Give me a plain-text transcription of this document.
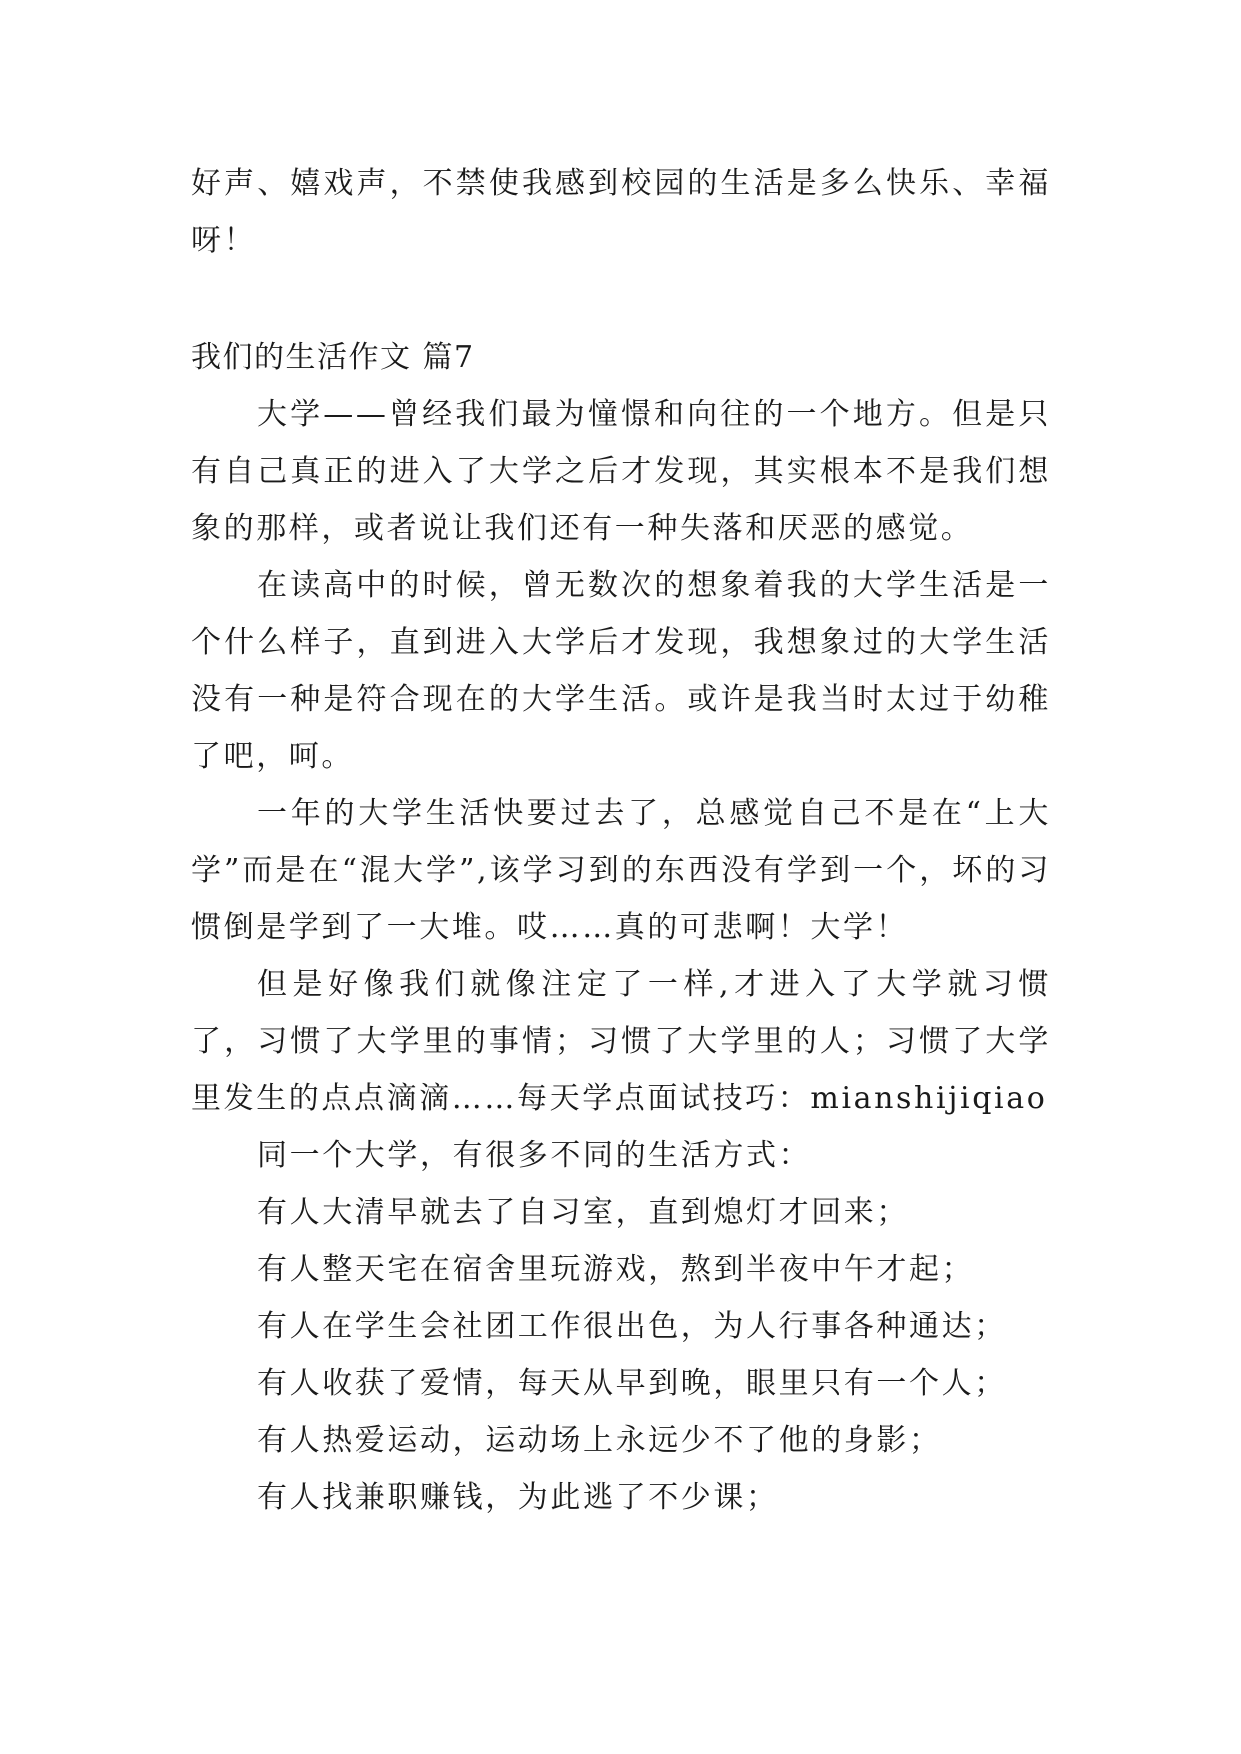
好声、嬉戏声，不禁使我感到校园的生活是多么快乐、幸福呀！

我们的生活作文 篇7

大学——曾经我们最为憧憬和向往的一个地方。但是只有自己真正的进入了大学之后才发现，其实根本不是我们想象的那样，或者说让我们还有一种失落和厌恶的感觉。

在读高中的时候，曾无数次的想象着我的大学生活是一个什么样子，直到进入大学后才发现，我想象过的大学生活没有一种是符合现在的大学生活。或许是我当时太过于幼稚了吧，呵。

一年的大学生活快要过去了，总感觉自己不是在“上大学”而是在“混大学”,该学习到的东西没有学到一个，坏的习惯倒是学到了一大堆。哎……真的可悲啊！大学！

但是好像我们就像注定了一样,才进入了大学就习惯了，习惯了大学里的事情；习惯了大学里的人；习惯了大学里发生的点点滴滴……每天学点面试技巧：mianshijiqiao

同一个大学，有很多不同的生活方式：

有人大清早就去了自习室，直到熄灯才回来；

有人整天宅在宿舍里玩游戏，熬到半夜中午才起；

有人在学生会社团工作很出色，为人行事各种通达；

有人收获了爱情，每天从早到晚，眼里只有一个人；

有人热爱运动，运动场上永远少不了他的身影；

有人找兼职赚钱，为此逃了不少课；
